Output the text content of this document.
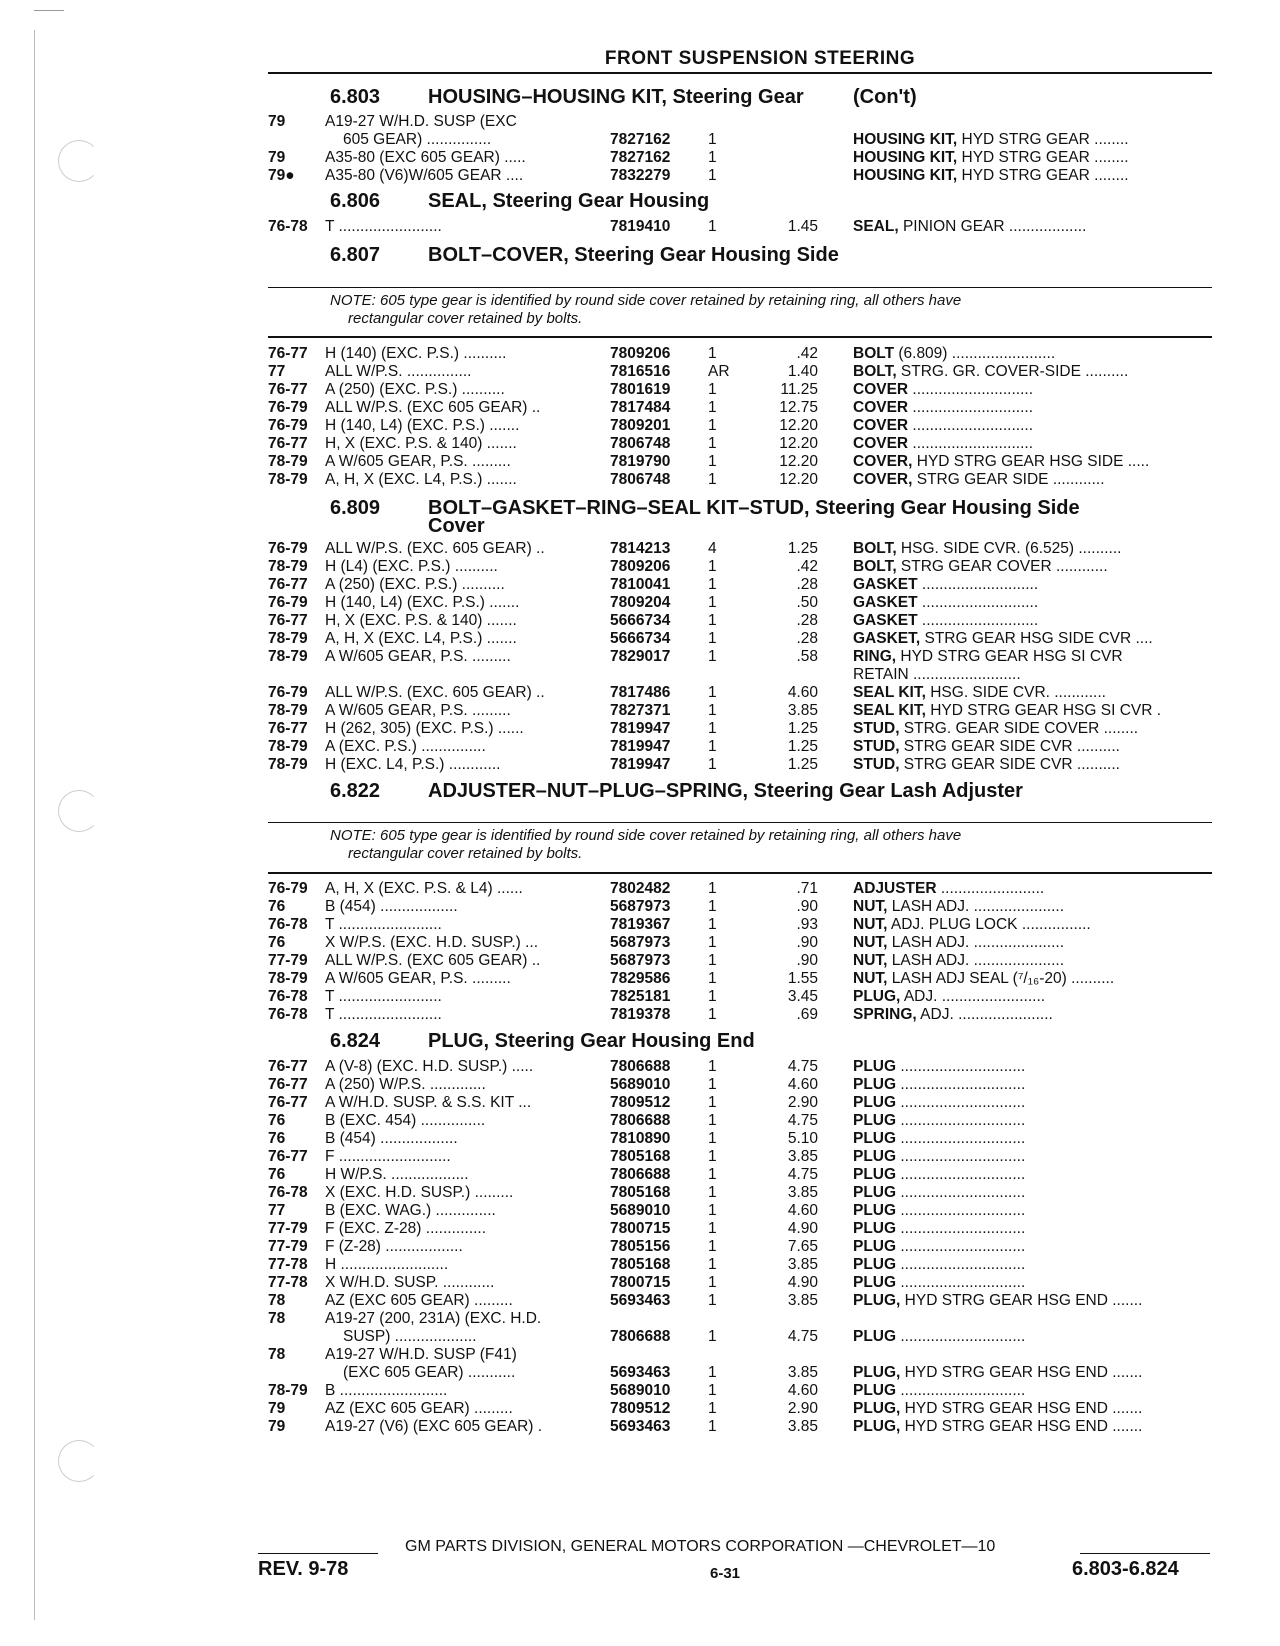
FRONT SUSPENSION STEERING
6.803 HOUSING–HOUSING KIT, Steering Gear (Con't)
79	A19-27 W/H.D. SUSP (EXC
605 GEAR) ...............	7827162 1	HOUSING KIT, HYD STRG GEAR ........
79	A35-80 (EXC 605 GEAR) .....	7827162 1	HOUSING KIT, HYD STRG GEAR ........
79● A35-80 (V6)W/605 GEAR ....	7832279 1	HOUSING KIT, HYD STRG GEAR ........
6.806 SEAL, Steering Gear Housing
76-78 T ........................	7819410 1	1.45 SEAL, PINION GEAR ..................
6.807 BOLT–COVER, Steering Gear Housing Side
NOTE: 605 type gear is identified by round side cover retained by retaining ring, all others have
rectangular cover retained by bolts.
76-77 H (140) (EXC. P.S.) ..........	7809206 1	.42 BOLT (6.809) ........................
77	ALL W/P.S. ...............	7816516 AR	1.40 BOLT, STRG. GR. COVER-SIDE ..........
76-77 A (250) (EXC. P.S.) ..........	7801619 1	11.25 COVER ............................
76-79 ALL W/P.S. (EXC 605 GEAR) ..	7817484 1	12.75 COVER ............................
76-79 H (140, L4) (EXC. P.S.) .......	7809201 1	12.20 COVER ............................
76-77 H, X (EXC. P.S. & 140) .......	7806748 1	12.20 COVER ............................
78-79 A W/605 GEAR, P.S. .........	7819790 1	12.20 COVER, HYD STRG GEAR HSG SIDE .....
78-79 A, H, X (EXC. L4, P.S.) .......	7806748 1	12.20 COVER, STRG GEAR SIDE ............
6.809 BOLT–GASKET–RING–SEAL KIT–STUD, Steering Gear Housing Side
Cover
76-79 ALL W/P.S. (EXC. 605 GEAR) ..	7814213 4	1.25 BOLT, HSG. SIDE CVR. (6.525) ..........
78-79 H (L4) (EXC. P.S.) ..........	7809206 1	.42 BOLT, STRG GEAR COVER ............
76-77 A (250) (EXC. P.S.) ..........	7810041 1	.28 GASKET ...........................
76-79 H (140, L4) (EXC. P.S.) .......	7809204 1	.50 GASKET ...........................
76-77 H, X (EXC. P.S. & 140) .......	5666734 1	.28 GASKET ...........................
78-79 A, H, X (EXC. L4, P.S.) .......	5666734 1	.28 GASKET, STRG GEAR HSG SIDE CVR ....
78-79 A W/605 GEAR, P.S. .........	7829017 1	.58 RING, HYD STRG GEAR HSG SI CVR
RETAIN .........................
76-79 ALL W/P.S. (EXC. 605 GEAR) ..	7817486 1	4.60 SEAL KIT, HSG. SIDE CVR. ............
78-79 A W/605 GEAR, P.S. .........	7827371 1	3.85 SEAL KIT, HYD STRG GEAR HSG SI CVR .
76-77 H (262, 305) (EXC. P.S.) ......	7819947 1	1.25 STUD, STRG. GEAR SIDE COVER ........
78-79 A (EXC. P.S.) ...............	7819947 1	1.25 STUD, STRG GEAR SIDE CVR ..........
78-79 H (EXC. L4, P.S.) ............	7819947 1	1.25 STUD, STRG GEAR SIDE CVR ..........
6.822 ADJUSTER–NUT–PLUG–SPRING, Steering Gear Lash Adjuster
NOTE: 605 type gear is identified by round side cover retained by retaining ring, all others have
rectangular cover retained by bolts.
76-79 A, H, X (EXC. P.S. & L4) ......	7802482 1	.71 ADJUSTER ........................
76	B (454) ..................	5687973 1	.90 NUT, LASH ADJ. .....................
76-78 T ........................	7819367 1	.93 NUT, ADJ. PLUG LOCK ................
76	X W/P.S. (EXC. H.D. SUSP.) ...	5687973 1	.90 NUT, LASH ADJ. .....................
77-79 ALL W/P.S. (EXC 605 GEAR) ..	5687973 1	.90 NUT, LASH ADJ. .....................
78-79 A W/605 GEAR, P.S. .........	7829586 1	1.55 NUT, LASH ADJ SEAL (⁷/₁₆-20) ..........
76-78 T ........................	7825181 1	3.45 PLUG, ADJ. ........................
76-78 T ........................	7819378 1	.69 SPRING, ADJ. ......................
6.824 PLUG, Steering Gear Housing End
76-77 A (V-8) (EXC. H.D. SUSP.) .....	7806688 1	4.75 PLUG .............................
76-77 A (250) W/P.S. .............	5689010 1	4.60 PLUG .............................
76-77 A W/H.D. SUSP. & S.S. KIT ...	7809512 1	2.90 PLUG .............................
76	B (EXC. 454) ...............	7806688 1	4.75 PLUG .............................
76	B (454) ..................	7810890 1	5.10 PLUG .............................
76-77 F ..........................	7805168 1	3.85 PLUG .............................
76	H W/P.S. ..................	7806688 1	4.75 PLUG .............................
76-78 X (EXC. H.D. SUSP.) .........	7805168 1	3.85 PLUG .............................
77	B (EXC. WAG.) ..............	5689010 1	4.60 PLUG .............................
77-79 F (EXC. Z-28) ..............	7800715 1	4.90 PLUG .............................
77-79 F (Z-28) ..................	7805156 1	7.65 PLUG .............................
77-78 H .........................	7805168 1	3.85 PLUG .............................
77-78 X W/H.D. SUSP. ............	7800715 1	4.90 PLUG .............................
78	AZ (EXC 605 GEAR) .........	5693463 1	3.85 PLUG, HYD STRG GEAR HSG END .......
78	A19-27 (200, 231A) (EXC. H.D.
SUSP) ...................	7806688 1	4.75 PLUG .............................
78	A19-27 W/H.D. SUSP (F41)
(EXC 605 GEAR) ...........	5693463 1	3.85 PLUG, HYD STRG GEAR HSG END .......
78-79 B .........................	5689010 1	4.60 PLUG .............................
79	AZ (EXC 605 GEAR) .........	7809512 1	2.90 PLUG, HYD STRG GEAR HSG END .......
79	A19-27 (V6) (EXC 605 GEAR) .	5693463 1	3.85 PLUG, HYD STRG GEAR HSG END .......
GM PARTS DIVISION, GENERAL MOTORS CORPORATION —CHEVROLET—10
REV. 9-78	6-31	6.803-6.824
